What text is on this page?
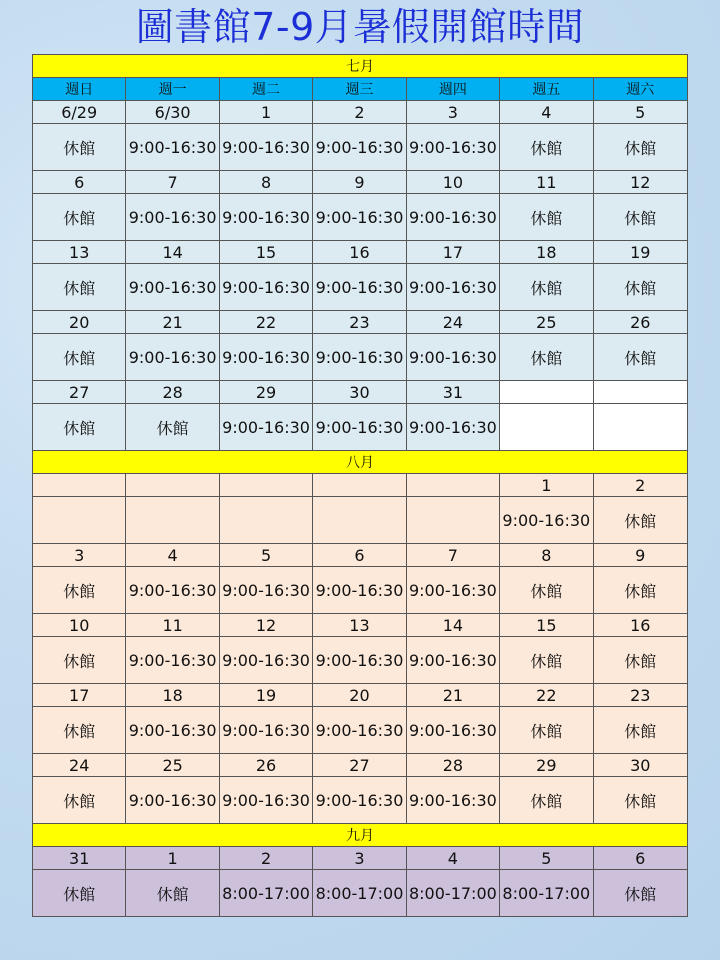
圖書館7-9月暑假開館時間
七月						
週日	週一	週二	週三	週四	週五	週六
6/29	6/30	1	2	3	4	5
休館	9:00-16:30	9:00-16:30	9:00-16:30	9:00-16:30	休館	休館
6	7	8	9	10	11	12
休館	9:00-16:30	9:00-16:30	9:00-16:30	9:00-16:30	休館	休館
13	14	15	16	17	18	19
休館	9:00-16:30	9:00-16:30	9:00-16:30	9:00-16:30	休館	休館
20	21	22	23	24	25	26
休館	9:00-16:30	9:00-16:30	9:00-16:30	9:00-16:30	休館	休館
27	28	29	30	31		
休館	休館	9:00-16:30	9:00-16:30	9:00-16:30		
八月						
					1	2
					9:00-16:30	休館
3	4	5	6	7	8	9
休館	9:00-16:30	9:00-16:30	9:00-16:30	9:00-16:30	休館	休館
10	11	12	13	14	15	16
休館	9:00-16:30	9:00-16:30	9:00-16:30	9:00-16:30	休館	休館
17	18	19	20	21	22	23
休館	9:00-16:30	9:00-16:30	9:00-16:30	9:00-16:30	休館	休館
24	25	26	27	28	29	30
休館	9:00-16:30	9:00-16:30	9:00-16:30	9:00-16:30	休館	休館
九月						
31	1	2	3	4	5	6
休館	休館	8:00-17:00	8:00-17:00	8:00-17:00	8:00-17:00	休館
